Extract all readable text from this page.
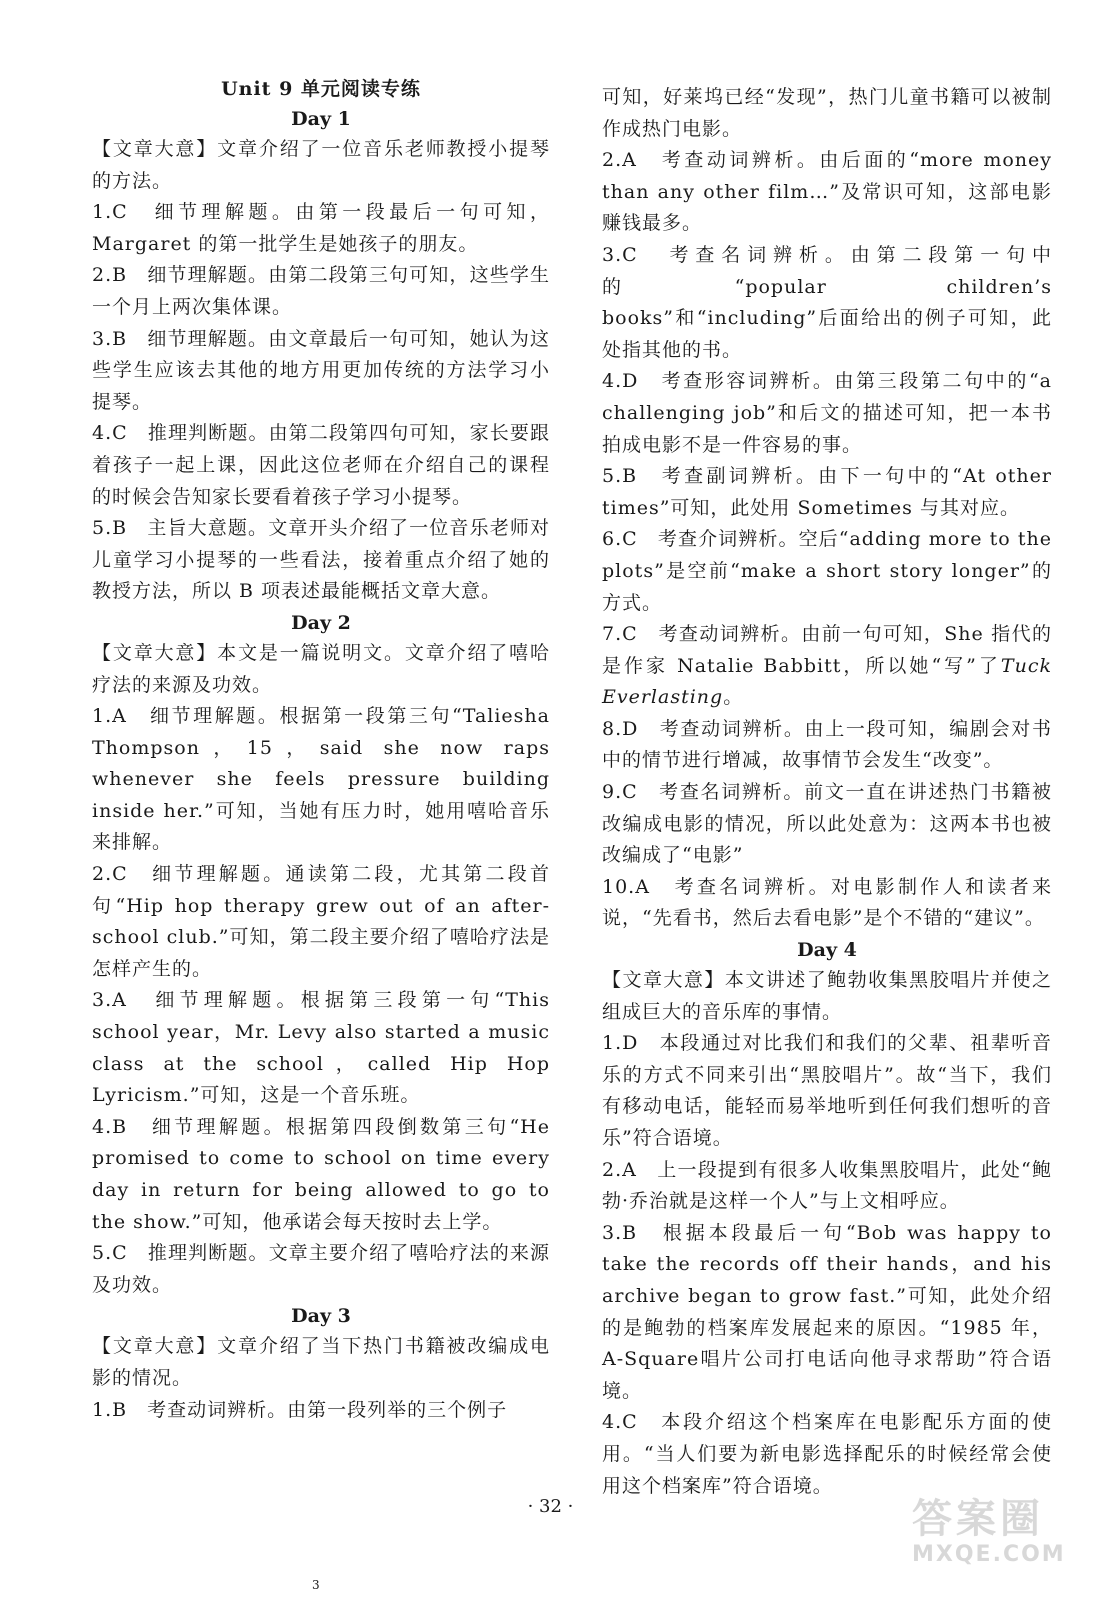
Unit 9 单元阅读专练

Day 1

【文章大意】文章介绍了一位音乐老师教授小提琴的方法。

1.C　 细节理解题。由第一段最后一句可知，Margaret 的第一批学生是她孩子的朋友。

2.B　 细节理解题。由第二段第三句可知，这些学生一个月上两次集体课。

3.B　 细节理解题。由文章最后一句可知，她认为这些学生应该去其他的地方用更加传统的方法学习小提琴。

4.C　 推理判断题。由第二段第四句可知，家长要跟着孩子一起上课，因此这位老师在介绍自己的课程的时候会告知家长要看着孩子学习小提琴。

5.B　 主旨大意题。文章开头介绍了一位音乐老师对儿童学习小提琴的一些看法，接着重点介绍了她的教授方法，所以 B 项表述最能概括文章大意。

Day 2

【文章大意】本文是一篇说明文。文章介绍了嘻哈疗法的来源及功效。

1.A　 细节理解题。根据第一段第三句“Taliesha Thompson，15，said she now raps whenever she feels pressure building inside her.”可知，当她有压力时，她用嘻哈音乐来排解。

2.C　 细节理解题。通读第二段，尤其第二段首句“Hip hop therapy grew out of an after-school club.”可知，第二段主要介绍了嘻哈疗法是怎样产生的。

3.A　 细节理解题。根据第三段第一句“This school year，Mr. Levy also started a music class at the school，called Hip Hop Lyricism.”可知，这是一个音乐班。

4.B　 细节理解题。根据第四段倒数第三句“He promised to come to school on time every day in return for being allowed to go to the show.”可知，他承诺会每天按时去上学。

5.C　 推理判断题。文章主要介绍了嘻哈疗法的来源及功效。

Day 3

【文章大意】文章介绍了当下热门书籍被改编成电影的情况。

1.B　 考查动词辨析。由第一段列举的三个例子

可知，好莱坞已经“发现”，热门儿童书籍可以被制作成热门电影。

2.A　 考查动词辨析。由后面的“more money than any other film…”及常识可知，这部电影赚钱最多。

3.C　 考查名词辨析。由第二段第一句中的“popular children’s books”和“including”后面给出的例子可知，此处指其他的书。

4.D　 考查形容词辨析。由第三段第二句中的“a challenging job”和后文的描述可知，把一本书拍成电影不是一件容易的事。

5.B　 考查副词辨析。由下一句中的“At other times”可知，此处用 Sometimes 与其对应。

6.C　 考查介词辨析。空后“adding more to the plots”是空前“make a short story longer”的方式。

7.C　 考查动词辨析。由前一句可知，She 指代的是作家 Natalie Babbitt，所以她“写”了Tuck Everlasting。

8.D　 考查动词辨析。由上一段可知，编剧会对书中的情节进行增减，故事情节会发生“改变”。

9.C　 考查名词辨析。前文一直在讲述热门书籍被改编成电影的情况，所以此处意为：这两本书也被改编成了“电影”

10.A　 考查名词辨析。对电影制作人和读者来说，“先看书，然后去看电影”是个不错的“建议”。

Day 4

【文章大意】本文讲述了鲍勃收集黑胶唱片并使之组成巨大的音乐库的事情。

1.D　 本段通过对比我们和我们的父辈、祖辈听音乐的方式不同来引出“黑胶唱片”。故“当下，我们有移动电话，能轻而易举地听到任何我们想听的音乐”符合语境。

2.A　 上一段提到有很多人收集黑胶唱片，此处“鲍勃·乔治就是这样一个人”与上文相呼应。

3.B　 根据本段最后一句“Bob was happy to take the records off their hands，and his archive began to grow fast.”可知，此处介绍的是鲍勃的档案库发展起来的原因。“1985 年，A-Square唱片公司打电话向他寻求帮助”符合语境。

4.C　 本段介绍这个档案库在电影配乐方面的使用。“当人们要为新电影选择配乐的时候经常会使用这个档案库”符合语境。

· 32 ·
3
答案圈
MXQE.COM
